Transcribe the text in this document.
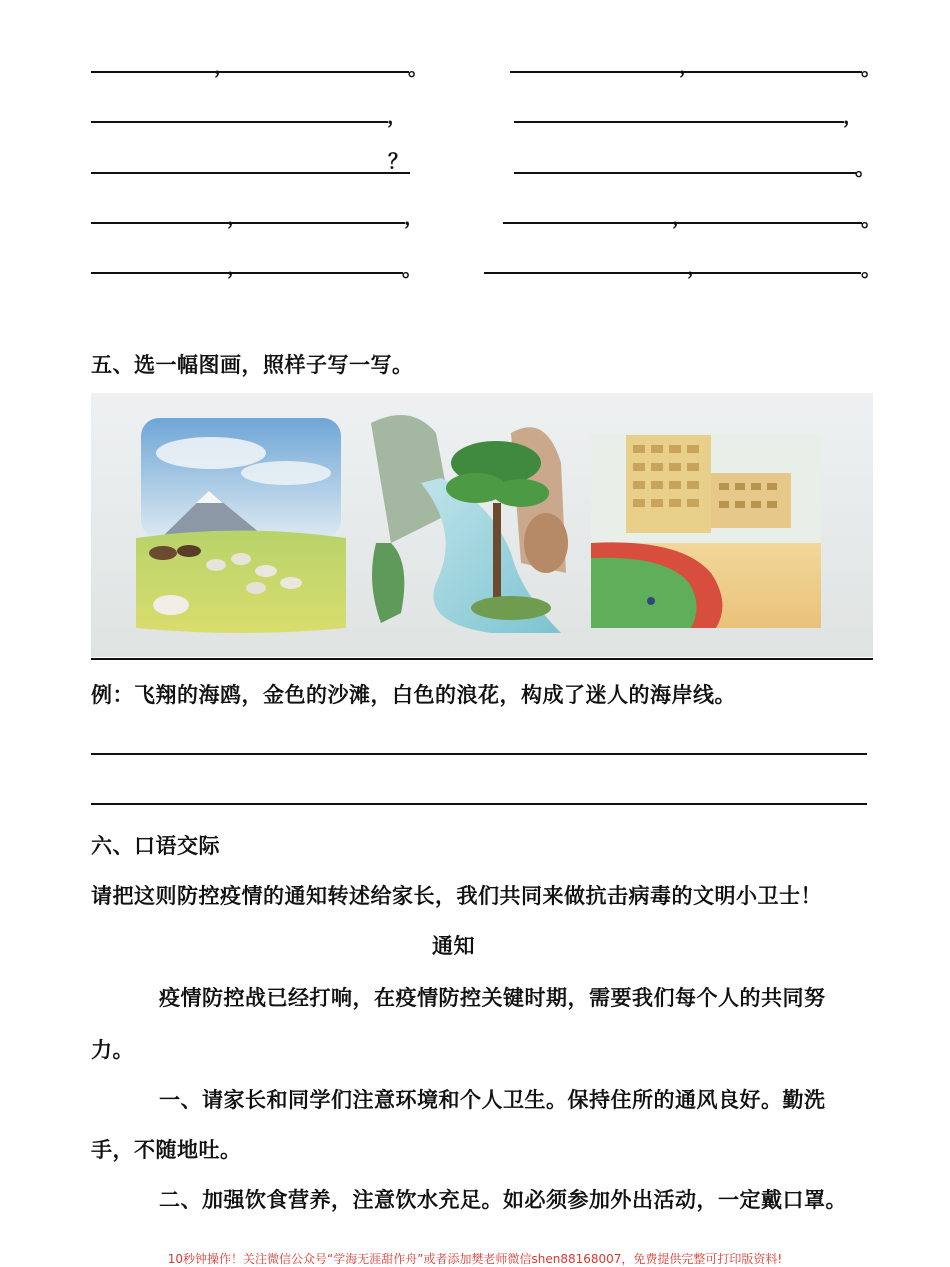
，	。	，	。
，	，
？	。
，	，	，	。
，	。	，	。
五、选一幅图画，照样子写一写。
例：飞翔的海鸥，金色的沙滩，白色的浪花，构成了迷人的海岸线。
六、口语交际
请把这则防控疫情的通知转述给家长，我们共同来做抗击病毒的文明小卫士！
通知
疫情防控战已经打响，在疫情防控关键时期，需要我们每个人的共同努
力。
一、请家长和同学们注意环境和个人卫生。保持住所的通风良好。勤洗
手，不随地吐。
二、加强饮食营养，注意饮水充足。如必须参加外出活动，一定戴口罩。
10秒钟操作！关注微信公众号“学海无涯甜作舟”或者添加樊老师微信shen88168007，免费提供完整可打印版资料!
